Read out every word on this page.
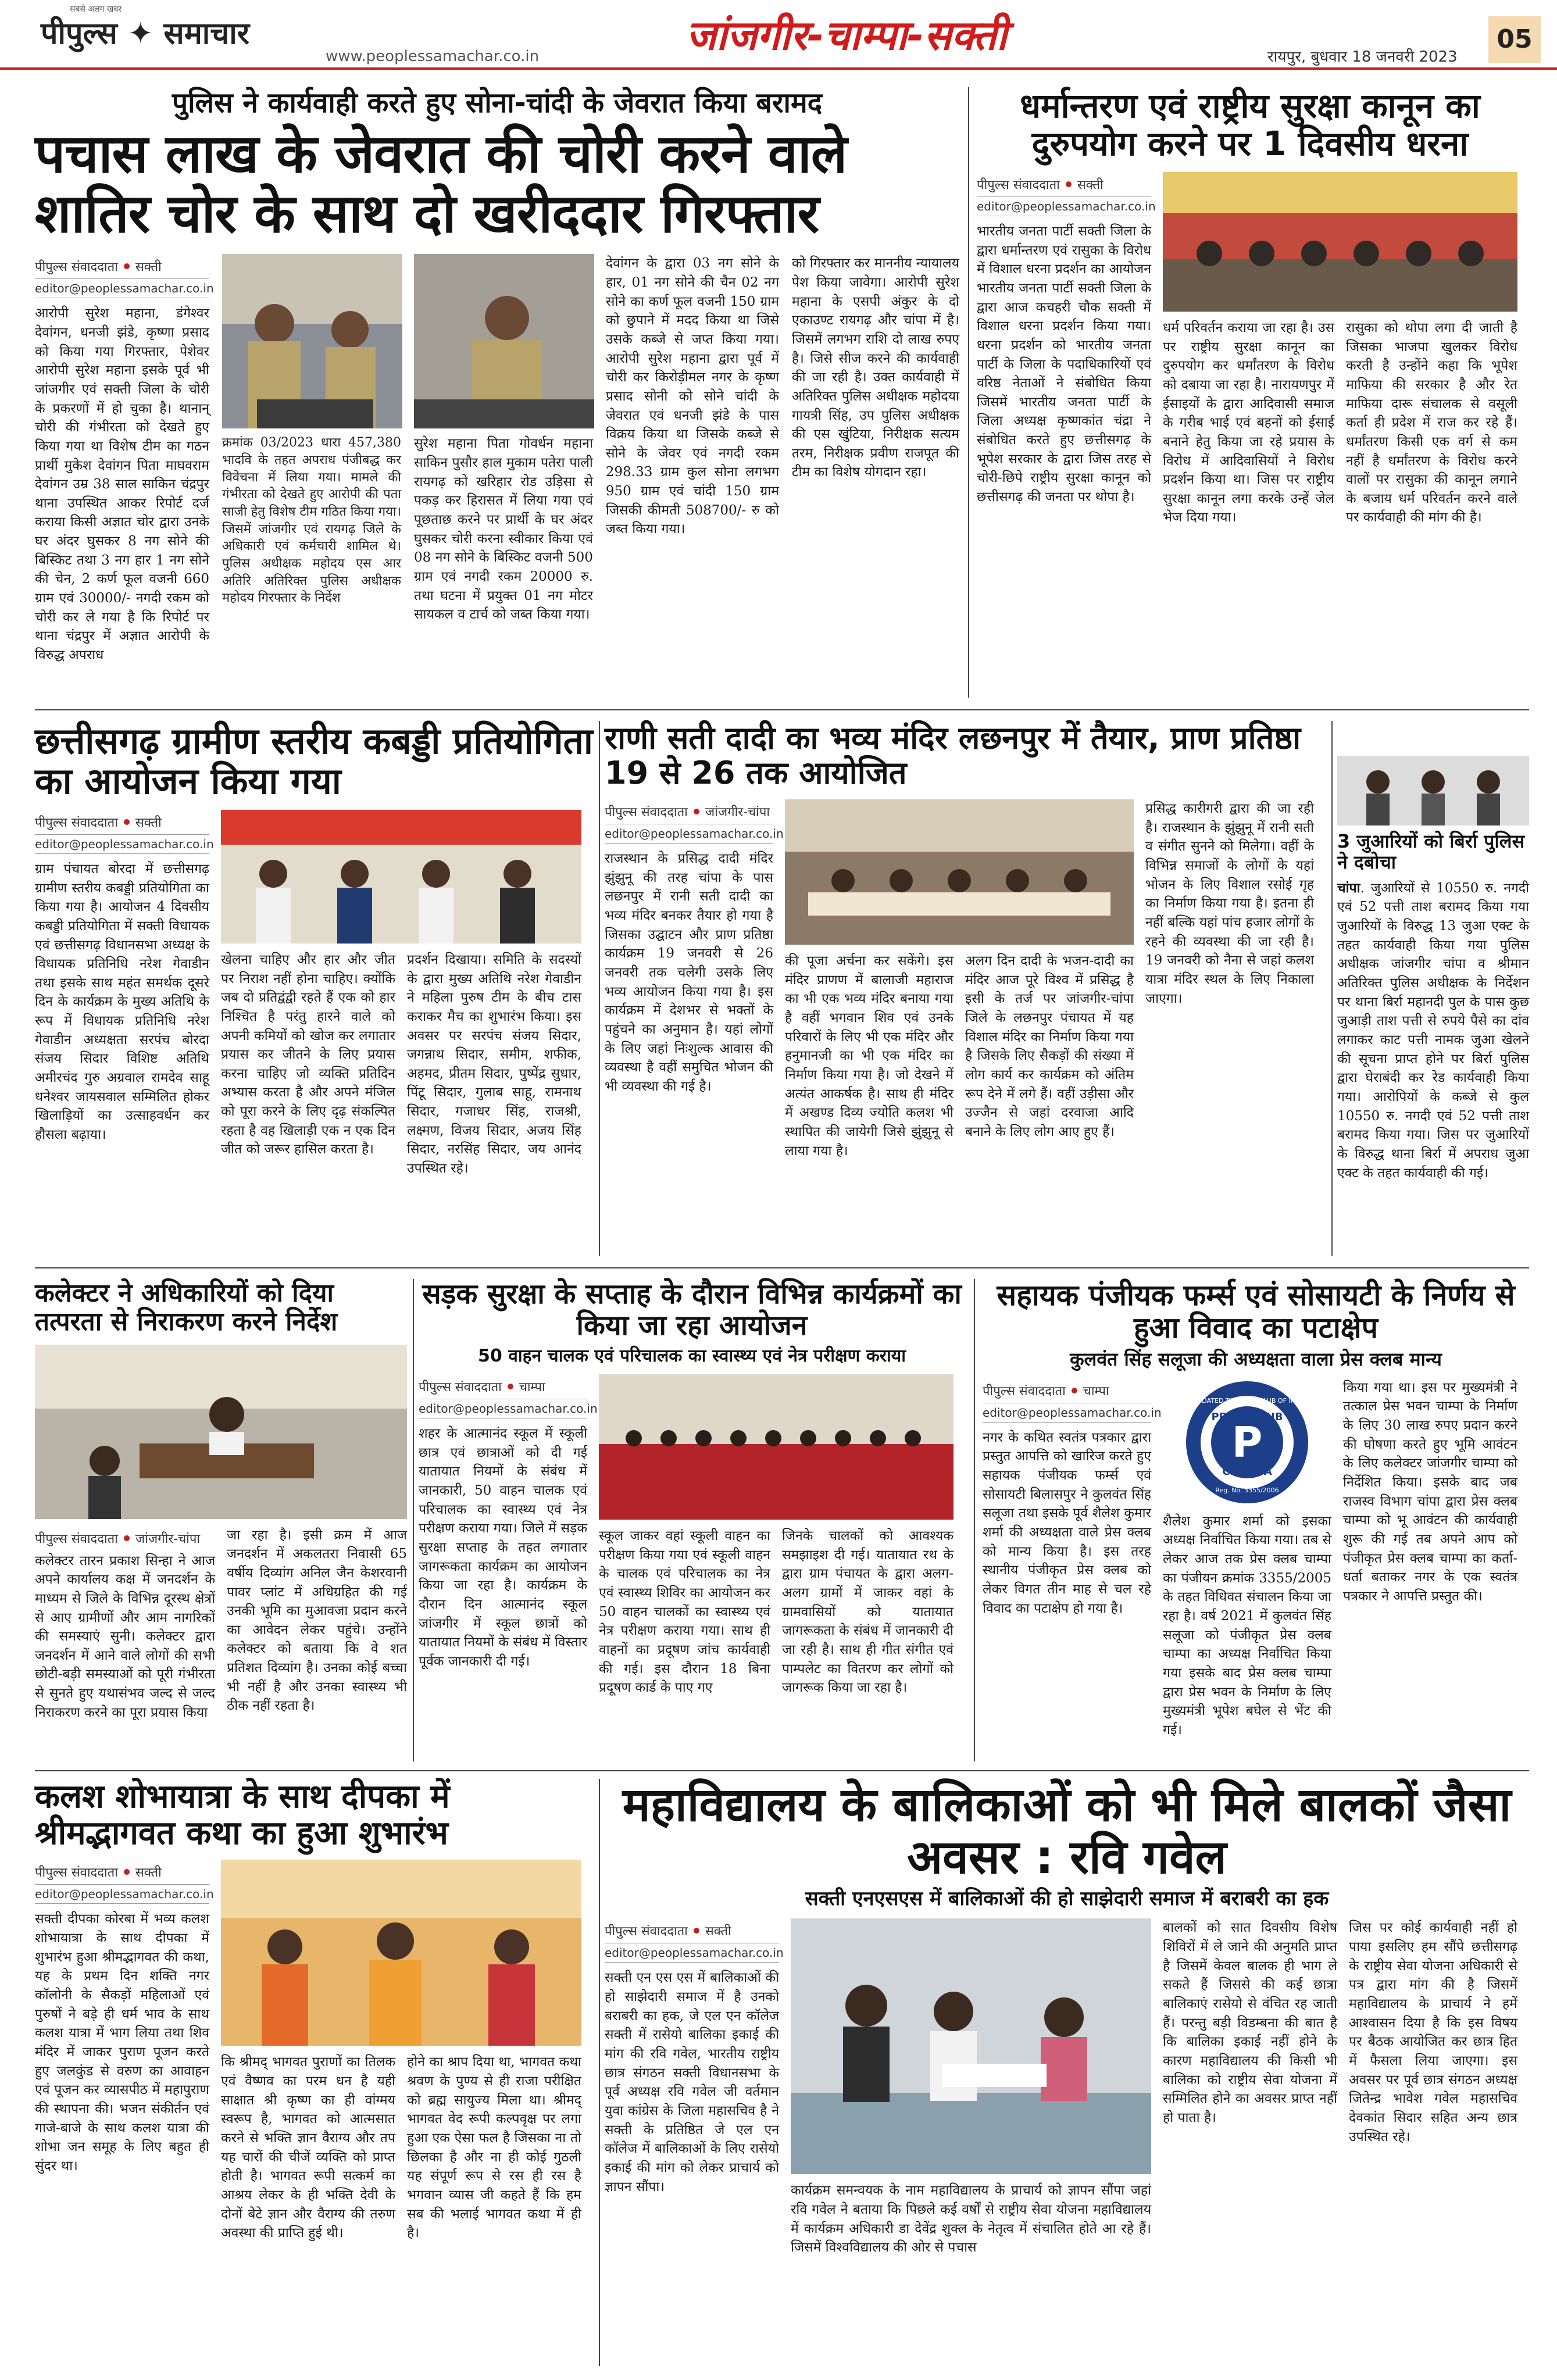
सबसे अलग खबर
पीपुल्स ✦ समाचार
www.peoplessamachar.co.in	जांजगीर-चाम्पा-सक्ती	रायपुर, बुधवार 18 जनवरी 2023
05
पुलिस ने कार्यवाही करते हुए सोना-चांदी के जेवरात किया बरामद
पचास लाख के जेवरात की चोरी करने वाले शातिर चोर के साथ दो खरीददार गिरफ्तार
पीपुल्स संवाददाता सक्ती
editor@peoplessamachar.co.in
आरोपी सुरेश महाना, डंगेश्वर देवांगन, धनजी झंडे, कृष्णा प्रसाद को किया गया गिरफ्तार, पेशेवर आरोपी सुरेश महाना इसके पूर्व भी जांजगीर एवं सक्ती जिला के चोरी के प्रकरणों में हो चुका है। थानान् चोरी की गंभीरता को देखते हुए किया गया था विशेष टीम का गठन प्रार्थी मुकेश देवांगन पिता माघवराम देवांगन उम्र 38 साल साकिन चंद्रपुर थाना उपस्थित आकर रिपोर्ट दर्ज कराया किसी अज्ञात चोर द्वारा उनके घर अंदर घुसकर 8 नग सोने की बिस्किट तथा 3 नग हार 1 नग सोने की चेन, 2 कर्ण फूल वजनी 660 ग्राम एवं 30000/- नगदी रकम को चोरी कर ले गया है कि रिपोर्ट पर थाना चंद्रपुर में अज्ञात आरोपी के विरुद्ध अपराध
क्रमांक 03/2023 धारा 457,380 भादवि के तहत अपराध पंजीबद्ध कर विवेचना में लिया गया। मामले की गंभीरता को देखते हुए आरोपी की पता साजी हेतु विशेष टीम गठित किया गया। जिसमें जांजगीर एवं रायगढ़ जिले के अधिकारी एवं कर्मचारी शामिल थे। पुलिस अधीक्षक महोदय एस आर अतिरि अतिरिक्त पुलिस अधीक्षक महोदय गिरफ्तार के निर्देश
सुरेश महाना पिता गोवर्धन महाना साकिन पुसौर हाल मुकाम पतेरा पाली रायगढ़ को खरिहार रोड उड़िसा से पकड़ कर हिरासत में लिया गया एवं पूछताछ करने पर प्रार्थी के घर अंदर घुसकर चोरी करना स्वीकार किया एवं 08 नग सोने के बिस्किट वजनी 500 ग्राम एवं नगदी रकम 20000 रु. तथा घटना में प्रयुक्त 01 नग मोटर सायकल व टार्च को जब्त किया गया।
देवांगन के द्वारा 03 नग सोने के हार, 01 नग सोने की चैन 02 नग सोने का कर्ण फूल वजनी 150 ग्राम को छुपाने में मदद किया था जिसे उसके कब्जे से जप्त किया गया। आरोपी सुरेश महाना द्वारा पूर्व में चोरी कर किरोड़ीमल नगर के कृष्ण प्रसाद सोनी को सोने चांदी के जेवरात एवं धनजी झंडे के पास विक्रय किया था जिसके कब्जे से सोने के जेवर एवं नगदी रकम 298.33 ग्राम कुल सोना लगभग 950 ग्राम एवं चांदी 150 ग्राम जिसकी कीमती 508700/- रु को जब्त किया गया।
को गिरफ्तार कर माननीय न्यायालय पेश किया जावेगा। आरोपी सुरेश महाना के एसपी अंकुर के दो एकाउण्ट रायगढ़ और चांपा में है। जिसमें लगभग राशि दो लाख रुपए है। जिसे सीज करने की कार्यवाही की जा रही है। उक्त कार्यवाही में अतिरिक्त पुलिस अधीक्षक महोदया गायत्री सिंह, उप पुलिस अधीक्षक की एस खुंटिया, निरीक्षक सत्यम तरम, निरीक्षक प्रवीण राजपूत की टीम का विशेष योगदान रहा।
धर्मान्तरण एवं राष्ट्रीय सुरक्षा कानून का दुरुपयोग करने पर 1 दिवसीय धरना
पीपुल्स संवाददाता सक्ती
editor@peoplessamachar.co.in
भारतीय जनता पार्टी सक्ती जिला के द्वारा धर्मान्तरण एवं रासुका के विरोध में विशाल धरना प्रदर्शन का आयोजन भारतीय जनता पार्टी सक्ती जिला के द्वारा आज कचहरी चौक सक्ती में विशाल धरना प्रदर्शन किया गया। धरना प्रदर्शन को भारतीय जनता पार्टी के जिला के पदाधिकारियों एवं वरिष्ठ नेताओं ने संबोधित किया जिसमें भारतीय जनता पार्टी के जिला अध्यक्ष कृष्णकांत चंद्रा ने संबोधित करते हुए छत्तीसगढ़ के भूपेश सरकार के द्वारा जिस तरह से चोरी-छिपे राष्ट्रीय सुरक्षा कानून को छत्तीसगढ़ की जनता पर थोपा है।
धर्म परिवर्तन कराया जा रहा है। उस पर राष्ट्रीय सुरक्षा कानून का दुरुपयोग कर धर्मांतरण के विरोध को दबाया जा रहा है। नारायणपुर में ईसाइयों के द्वारा आदिवासी समाज के गरीब भाई एवं बहनों को ईसाई बनाने हेतु किया जा रहे प्रयास के विरोध में आदिवासियों ने विरोध प्रदर्शन किया था। जिस पर राष्ट्रीय सुरक्षा कानून लगा करके उन्हें जेल भेज दिया गया।
रासुका को थोपा लगा दी जाती है जिसका भाजपा खुलकर विरोध करती है उन्होंने कहा कि भूपेश माफिया की सरकार है और रेत माफिया दारू संचालक से वसूली कर्ता ही प्रदेश में राज कर रहे हैं। धर्मांतरण किसी एक वर्ग से कम नहीं है धर्मांतरण के विरोध करने वालों पर रासुका की कानून लगाने के बजाय धर्म परिवर्तन करने वाले पर कार्यवाही की मांग की है।
छत्तीसगढ़ ग्रामीण स्तरीय कबड्डी प्रतियोगिता का आयोजन किया गया
पीपुल्स संवाददाता सक्ती
editor@peoplessamachar.co.in
ग्राम पंचायत बोरदा में छत्तीसगढ़ ग्रामीण स्तरीय कबड्डी प्रतियोगिता का किया गया है। आयोजन 4 दिवसीय कबड्डी प्रतियोगिता में सक्ती विधायक एवं छत्तीसगढ़ विधानसभा अध्यक्ष के विधायक प्रतिनिधि नरेश गेवाडीन तथा इसके साथ महंत समर्थक दूसरे दिन के कार्यक्रम के मुख्य अतिथि के रूप में विधायक प्रतिनिधि नरेश गेवाडीन अध्यक्षता सरपंच बोरदा संजय सिदार विशिष्ट अतिथि अमीरचंद गुरु अग्रवाल रामदेव साहू धनेश्वर जायसवाल सम्मिलित होकर खिलाड़ियों का उत्साहवर्धन कर हौसला बढ़ाया।
खेलना चाहिए और हार और जीत पर निराश नहीं होना चाहिए। क्योंकि जब दो प्रतिद्वंद्वी रहते हैं एक को हार निश्चित है परंतु हारने वाले को अपनी कमियों को खोज कर लगातार प्रयास कर जीतने के लिए प्रयास करना चाहिए जो व्यक्ति प्रतिदिन अभ्यास करता है और अपने मंजिल को पूरा करने के लिए दृढ़ संकल्पित रहता है वह खिलाड़ी एक न एक दिन जीत को जरूर हासिल करता है।
प्रदर्शन दिखाया। समिति के सदस्यों के द्वारा मुख्य अतिथि नरेश गेवाडीन ने महिला पुरुष टीम के बीच टास कराकर मैच का शुभारंभ किया। इस अवसर पर सरपंच संजय सिदार, जगन्नाथ सिदार, समीम, शफीक, अहमद, प्रीतम सिदार, पुष्पेंद्र सुधार, पिंटू सिदार, गुलाब साहू, रामनाथ सिदार, गजाधर सिंह, राजश्री, लक्ष्मण, विजय सिदार, अजय सिंह सिदार, नरसिंह सिदार, जय आनंद उपस्थित रहे।
राणी सती दादी का भव्य मंदिर लछनपुर में तैयार, प्राण प्रतिष्ठा 19 से 26 तक आयोजित
पीपुल्स संवाददाता जांजगीर-चांपा
editor@peoplessamachar.co.in
राजस्थान के प्रसिद्ध दादी मंदिर झुंझुनू की तरह चांपा के पास लछनपुर में रानी सती दादी का भव्य मंदिर बनकर तैयार हो गया है जिसका उद्घाटन और प्राण प्रतिष्ठा कार्यक्रम 19 जनवरी से 26 जनवरी तक चलेगी उसके लिए भव्य आयोजन किया गया है। इस कार्यक्रम में देशभर से भक्तों के पहुंचने का अनुमान है। यहां लोगों के लिए जहां निःशुल्क आवास की व्यवस्था है वहीं समुचित भोजन की भी व्यवस्था की गई है।
की पूजा अर्चना कर सकेंगे। इस मंदिर प्राणण में बालाजी महाराज का भी एक भव्य मंदिर बनाया गया है वहीं भगवान शिव एवं उनके परिवारों के लिए भी एक मंदिर और हनुमानजी का भी एक मंदिर का निर्माण किया गया है। जो देखने में अत्यंत आकर्षक है। साथ ही मंदिर में अखण्ड दिव्य ज्योति कलश भी स्थापित की जायेगी जिसे झुंझुनू से लाया गया है।
अलग दिन दादी के भजन-दादी का मंदिर आज पूरे विश्व में प्रसिद्ध है इसी के तर्ज पर जांजगीर-चांपा जिले के लछनपुर पंचायत में यह विशाल मंदिर का निर्माण किया गया है जिसके लिए सैकड़ों की संख्या में लोग कार्य कर कार्यक्रम को अंतिम रूप देने में लगे हैं। वहीं उड़ीसा और उज्जैन से जहां दरवाजा आदि बनाने के लिए लोग आए हुए हैं।
प्रसिद्ध कारीगरी द्वारा की जा रही है। राजस्थान के झुंझुनू में रानी सती व संगीत सुनने को मिलेगा। वहीं के विभिन्न समाजों के लोगों के यहां भोजन के लिए विशाल रसोई गृह का निर्माण किया गया है। इतना ही नहीं बल्कि यहां पांच हजार लोगों के रहने की व्यवस्था की जा रही है। 19 जनवरी को नैना से जहां कलश यात्रा मंदिर स्थल के लिए निकाला जाएगा।
3 जुआरियों को बिर्रा पुलिस ने दबोचा
चांपा. जुआरियों से 10550 रु. नगदी एवं 52 पत्ती ताश बरामद किया गया जुआरियों के विरुद्ध 13 जुआ एक्ट के तहत कार्यवाही किया गया पुलिस अधीक्षक जांजगीर चांपा व श्रीमान अतिरिक्त पुलिस अधीक्षक के निर्देशन पर थाना बिर्रा महानदी पुल के पास कुछ जुआड़ी ताश पत्ती से रुपये पैसे का दांव लगाकर काट पत्ती नामक जुआ खेलने की सूचना प्राप्त होने पर बिर्रा पुलिस द्वारा घेराबंदी कर रेड कार्यवाही किया गया। आरोपियों के कब्जे से कुल 10550 रु. नगदी एवं 52 पत्ती ताश बरामद किया गया। जिस पर जुआरियों के विरुद्ध थाना बिर्रा में अपराध जुआ एक्ट के तहत कार्यवाही की गई।
कलेक्टर ने अधिकारियों को दिया तत्परता से निराकरण करने निर्देश
पीपुल्स संवाददाता जांजगीर-चांपा
कलेक्टर तारन प्रकाश सिन्हा ने आज अपने कार्यालय कक्ष में जनदर्शन के माध्यम से जिले के विभिन्न दूरस्थ क्षेत्रों से आए ग्रामीणों और आम नागरिकों की समस्याएं सुनी। कलेक्टर द्वारा जनदर्शन में आने वाले लोगों की सभी छोटी-बड़ी समस्याओं को पूरी गंभीरता से सुनते हुए यथासंभव जल्द से जल्द निराकरण करने का पूरा प्रयास किया
जा रहा है। इसी क्रम में आज जनदर्शन में अकलतरा निवासी 65 वर्षीय दिव्यांग अनिल जैन केशरवानी पावर प्लांट में अधिग्रहित की गई उनकी भूमि का मुआवजा प्रदान करने का आवेदन लेकर पहुंचे। उन्होंने कलेक्टर को बताया कि वे शत प्रतिशत दिव्यांग है। उनका कोई बच्चा भी नहीं है और उनका स्वास्थ्य भी ठीक नहीं रहता है।
सड़क सुरक्षा के सप्ताह के दौरान विभिन्न कार्यक्रमों का किया जा रहा आयोजन
50 वाहन चालक एवं परिचालक का स्वास्थ्य एवं नेत्र परीक्षण कराया
पीपुल्स संवाददाता चाम्पा
editor@peoplessamachar.co.in
शहर के आत्मानंद स्कूल में स्कूली छात्र एवं छात्राओं को दी गई यातायात नियमों के संबंध में जानकारी, 50 वाहन चालक एवं परिचालक का स्वास्थ्य एवं नेत्र परीक्षण कराया गया। जिले में सड़क सुरक्षा सप्ताह के तहत लगातार जागरूकता कार्यक्रम का आयोजन किया जा रहा है। कार्यक्रम के दौरान दिन आत्मानंद स्कूल जांजगीर में स्कूल छात्रों को यातायात नियमों के संबंध में विस्तार पूर्वक जानकारी दी गई।
स्कूल जाकर वहां स्कूली वाहन का परीक्षण किया गया एवं स्कूली वाहन के चालक एवं परिचालक का नेत्र एवं स्वास्थ्य शिविर का आयोजन कर 50 वाहन चालकों का स्वास्थ्य एवं नेत्र परीक्षण कराया गया। साथ ही वाहनों का प्रदूषण जांच कार्यवाही की गई। इस दौरान 18 बिना प्रदूषण कार्ड के पाए गए
जिनके चालकों को आवश्यक समझाइश दी गई। यातायात रथ के द्वारा ग्राम पंचायत के द्वारा अलग-अलग ग्रामों में जाकर वहां के ग्रामवासियों को यातायात जागरूकता के संबंध में जानकारी दी जा रही है। साथ ही गीत संगीत एवं पाम्पलेट का वितरण कर लोगों को जागरूक किया जा रहा है।
सहायक पंजीयक फर्म्स एवं सोसायटी के निर्णय से हुआ विवाद का पटाक्षेप
कुलवंत सिंह सलूजा की अध्यक्षता वाला प्रेस क्लब मान्य
पीपुल्स संवाददाता चाम्पा
editor@peoplessamachar.co.in
नगर के कथित स्वतंत्र पत्रकार द्वारा प्रस्तुत आपत्ति को खारिज करते हुए सहायक पंजीयक फर्म्स एवं सोसायटी बिलासपुर ने कुलवंत सिंह सलूजा तथा इसके पूर्व शैलेश कुमार शर्मा की अध्यक्षता वाले प्रेस क्लब को मान्य किया है। इस तरह स्थानीय पंजीकृत प्रेस क्लब को लेकर विगत तीन माह से चल रहे विवाद का पटाक्षेप हो गया है।
P
AFFILIATED TO PRESS CLUB OF INDIA
PRESS CLUB
CHAMPA
Reg. No. 3355/2006
शैलेश कुमार शर्मा को इसका अध्यक्ष निर्वाचित किया गया। तब से लेकर आज तक प्रेस क्लब चाम्पा का पंजीयन क्रमांक 3355/2005 के तहत विधिवत संचालन किया जा रहा है। वर्ष 2021 में कुलवंत सिंह सलूजा को पंजीकृत प्रेस क्लब चाम्पा का अध्यक्ष निर्वाचित किया गया इसके बाद प्रेस क्लब चाम्पा द्वारा प्रेस भवन के निर्माण के लिए मुख्यमंत्री भूपेश बघेल से भेंट की गई।
किया गया था। इस पर मुख्यमंत्री ने तत्काल प्रेस भवन चाम्पा के निर्माण के लिए 30 लाख रुपए प्रदान करने की घोषणा करते हुए भूमि आवंटन के लिए कलेक्टर जांजगीर चाम्पा को निर्देशित किया। इसके बाद जब राजस्व विभाग चांपा द्वारा प्रेस क्लब चाम्पा को भू आवंटन की कार्यवाही शुरू की गई तब अपने आप को पंजीकृत प्रेस क्लब चाम्पा का कर्ता-धर्ता बताकर नगर के एक स्वतंत्र पत्रकार ने आपत्ति प्रस्तुत की।
कलश शोभायात्रा के साथ दीपका में श्रीमद्भागवत कथा का हुआ शुभारंभ
पीपुल्स संवाददाता सक्ती
editor@peoplessamachar.co.in
सक्ती दीपका कोरबा में भव्य कलश शोभायात्रा के साथ दीपका में शुभारंभ हुआ श्रीमद्भागवत की कथा, यह के प्रथम दिन शक्ति नगर कॉलोनी के सैकड़ों महिलाओं एवं पुरुषों ने बड़े ही धर्म भाव के साथ कलश यात्रा में भाग लिया तथा शिव मंदिर में जाकर पुराण पूजन करते हुए जलकुंड से वरुण का आवाहन एवं पूजन कर व्यासपीठ में महापुराण की स्थापना की। भजन संकीर्तन एवं गाजे-बाजे के साथ कलश यात्रा की शोभा जन समूह के लिए बहुत ही सुंदर था।
कि श्रीमद् भागवत पुराणों का तिलक एवं वैष्णव का परम धन है यही साक्षात श्री कृष्ण का ही वांग्मय स्वरूप है, भागवत को आत्मसात करने से भक्ति ज्ञान वैराग्य और तप यह चारों की चीजें व्यक्ति को प्राप्त होती है। भागवत रूपी सत्कर्म का आश्रय लेकर के ही भक्ति देवी के दोनों बेटे ज्ञान और वैराग्य की तरुण अवस्था की प्राप्ति हुई थी।
होने का श्राप दिया था, भागवत कथा श्रवण के पुण्य से ही राजा परीक्षित को ब्रह्म सायुज्य मिला था। श्रीमद् भागवत वेद रूपी कल्पवृक्ष पर लगा हुआ एक ऐसा फल है जिसका ना तो छिलका है और ना ही कोई गुठली यह संपूर्ण रूप से रस ही रस है भगवान व्यास जी कहते हैं कि हम सब की भलाई भागवत कथा में ही है।
महाविद्यालय के बालिकाओं को भी मिले बालकों जैसा अवसर : रवि गवेल
सक्ती एनएसएस में बालिकाओं की हो साझेदारी समाज में बराबरी का हक
पीपुल्स संवाददाता सक्ती
editor@peoplessamachar.co.in
सक्ती एन एस एस में बालिकाओं की हो साझेदारी समाज में है उनको बराबरी का हक, जे एल एन कॉलेज सक्ती में रासेयो बालिका इकाई की मांग की रवि गवेल, भारतीय राष्ट्रीय छात्र संगठन सक्ती विधानसभा के पूर्व अध्यक्ष रवि गवेल जी वर्तमान युवा कांग्रेस के जिला महासचिव है ने सक्ती के प्रतिष्ठित जे एल एन कॉलेज में बालिकाओं के लिए रासेयो इकाई की मांग को लेकर प्राचार्य को ज्ञापन सौंपा।	कार्यक्रम समन्वयक के नाम महाविद्यालय के प्राचार्य को ज्ञापन सौंपा जहां रवि गवेल ने बताया कि पिछले कई वर्षों से राष्ट्रीय सेवा योजना महाविद्यालय में कार्यक्रम अधिकारी डा देवेंद्र शुक्ल के नेतृत्व में संचालित होते आ रहे हैं। जिसमें विश्वविद्यालय की ओर से पचास
बालकों को सात दिवसीय विशेष शिविरों में ले जाने की अनुमति प्राप्त है जिसमें केवल बालक ही भाग ले सकते हैं जिससे की कई छात्रा बालिकाएं रासेयो से वंचित रह जाती हैं। परन्तु बड़ी विडम्बना की बात है कि बालिका इकाई नहीं होने के कारण महाविद्यालय की किसी भी बालिका को राष्ट्रीय सेवा योजना में सम्मिलित होने का अवसर प्राप्त नहीं हो पाता है।
जिस पर कोई कार्यवाही नहीं हो पाया इसलिए हम सौंपे छत्तीसगढ़ के राष्ट्रीय सेवा योजना अधिकारी से पत्र द्वारा मांग की है जिसमें महाविद्यालय के प्राचार्य ने हमें आश्वासन दिया है कि इस विषय पर बैठक आयोजित कर छात्र हित में फैसला लिया जाएगा। इस अवसर पर पूर्व छात्र संगठन अध्यक्ष जितेन्द्र भावेश गवेल महासचिव देवकांत सिदार सहित अन्य छात्र उपस्थित रहे।
